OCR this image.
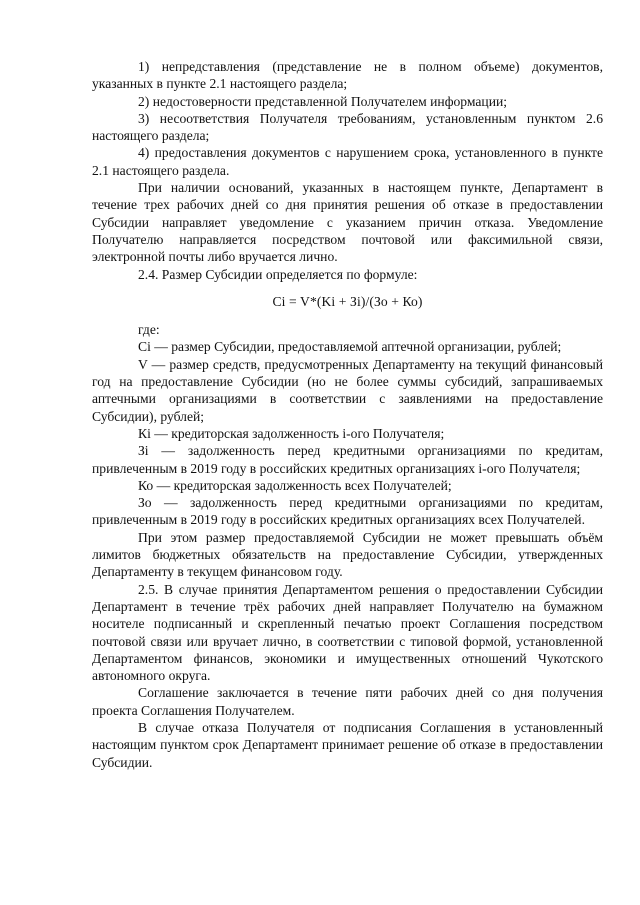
1) непредставления (представление не в полном объеме) документов, указанных в пункте 2.1 настоящего раздела;

2) недостоверности представленной Получателем информации;

3) несоответствия Получателя требованиям, установленным пунктом 2.6 настоящего раздела;

4) предоставления документов с нарушением срока, установленного в пункте 2.1 настоящего раздела.

При наличии оснований, указанных в настоящем пункте, Департамент в течение трех рабочих дней со дня принятия решения об отказе в предоставлении Субсидии направляет уведомление с указанием причин отказа. Уведомление Получателю направляется посредством почтовой или факсимильной связи, электронной почты либо вручается лично.

2.4. Размер Субсидии определяется по формуле:

Ci = V*(Ki + Зi)/(Зо + Ко)

где:

Ci — размер Субсидии, предоставляемой аптечной организации, рублей;

V — размер средств, предусмотренных Департаменту на текущий финансовый год на предоставление Субсидии (но не более суммы субсидий, запрашиваемых аптечными организациями в соответствии с заявлениями на предоставление Субсидии), рублей;

Кi — кредиторская задолженность i-ого Получателя;

Зi — задолженность перед кредитными организациями по кредитам, привлеченным в 2019 году в российских кредитных организациях i-ого Получателя;

Ко — кредиторская задолженность всех Получателей;

Зо — задолженность перед кредитными организациями по кредитам, привлеченным в 2019 году в российских кредитных организациях всех Получателей.

При этом размер предоставляемой Субсидии не может превышать объём лимитов бюджетных обязательств на предоставление Субсидии, утвержденных Департаменту в текущем финансовом году.

2.5. В случае принятия Департаментом решения о предоставлении Субсидии Департамент в течение трёх рабочих дней направляет Получателю на бумажном носителе подписанный и скрепленный печатью проект Соглашения посредством почтовой связи или вручает лично, в соответствии с типовой формой, установленной Департаментом финансов, экономики и имущественных отношений Чукотского автономного округа.

Соглашение заключается в течение пяти рабочих дней со дня получения проекта Соглашения Получателем.

В случае отказа Получателя от подписания Соглашения в установленный настоящим пунктом срок Департамент принимает решение об отказе в предоставлении Субсидии.
